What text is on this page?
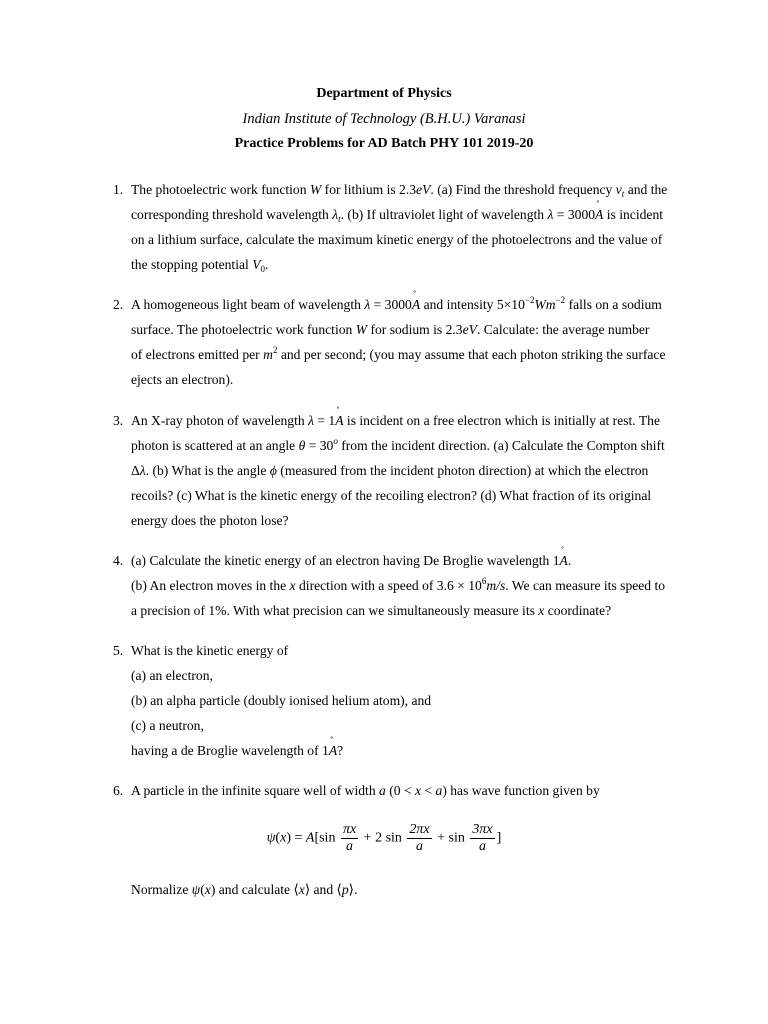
Department of Physics
Indian Institute of Technology (B.H.U.) Varanasi
Practice Problems for AD Batch PHY 101 2019-20
1. The photoelectric work function W for lithium is 2.3eV. (a) Find the threshold frequency $\nu_t$ and the
corresponding threshold wavelength $\lambda_t$. (b) If ultraviolet light of wavelength λ = 3000˚ A is incident
on a lithium surface, calculate the maximum kinetic energy of the photoelectrons and the value of
the stopping potential $V_0$.
2. A homogeneous light beam of wavelength λ = 3000˚ A and intensity $5\times 10^{-2}Wm^{-2}$ falls on a sodium
surface. The photoelectric work function W for sodium is 2.3eV. Calculate: the average number
of electrons emitted per $m^2$ and per second; (you may assume that each photon striking the surface
ejects an electron).
3. An X-ray photon of wavelength λ = 1˚ A is incident on a free electron which is initially at rest. The
photon is scattered at an angle $\theta = 30^o$ from the incident direction. (a) Calculate the Compton shift
Δλ. (b) What is the angle ϕ (measured from the incident photon direction) at which the electron
recoils? (c) What is the kinetic energy of the recoiling electron? (d) What fraction of its original
energy does the photon lose?
4. (a) Calculate the kinetic energy of an electron having De Broglie wavelength 1˚ A.
(b) An electron moves in the x direction with a speed of $3.6 \times 10^6m/s$. We can measure its speed to
a precision of 1%. With what precision can we simultaneously measure its x coordinate?
5. What is the kinetic energy of
(a) an electron,
(b) an alpha particle (doubly ionised helium atom), and
(c) a neutron,
having a de Broglie wavelength of 1˚ A?
6. A particle in the infinite square well of width a (0 < x < a) has wave function given by
$\psi(x) = A[\sin \frac{\pi x}{a} + 2$ $\sin \frac{2\pi x}{a} + \sin \frac{3\pi x}{a}$ ]
Normalize ψ(x) and calculate ⟨x⟩ and ⟨p⟩.
